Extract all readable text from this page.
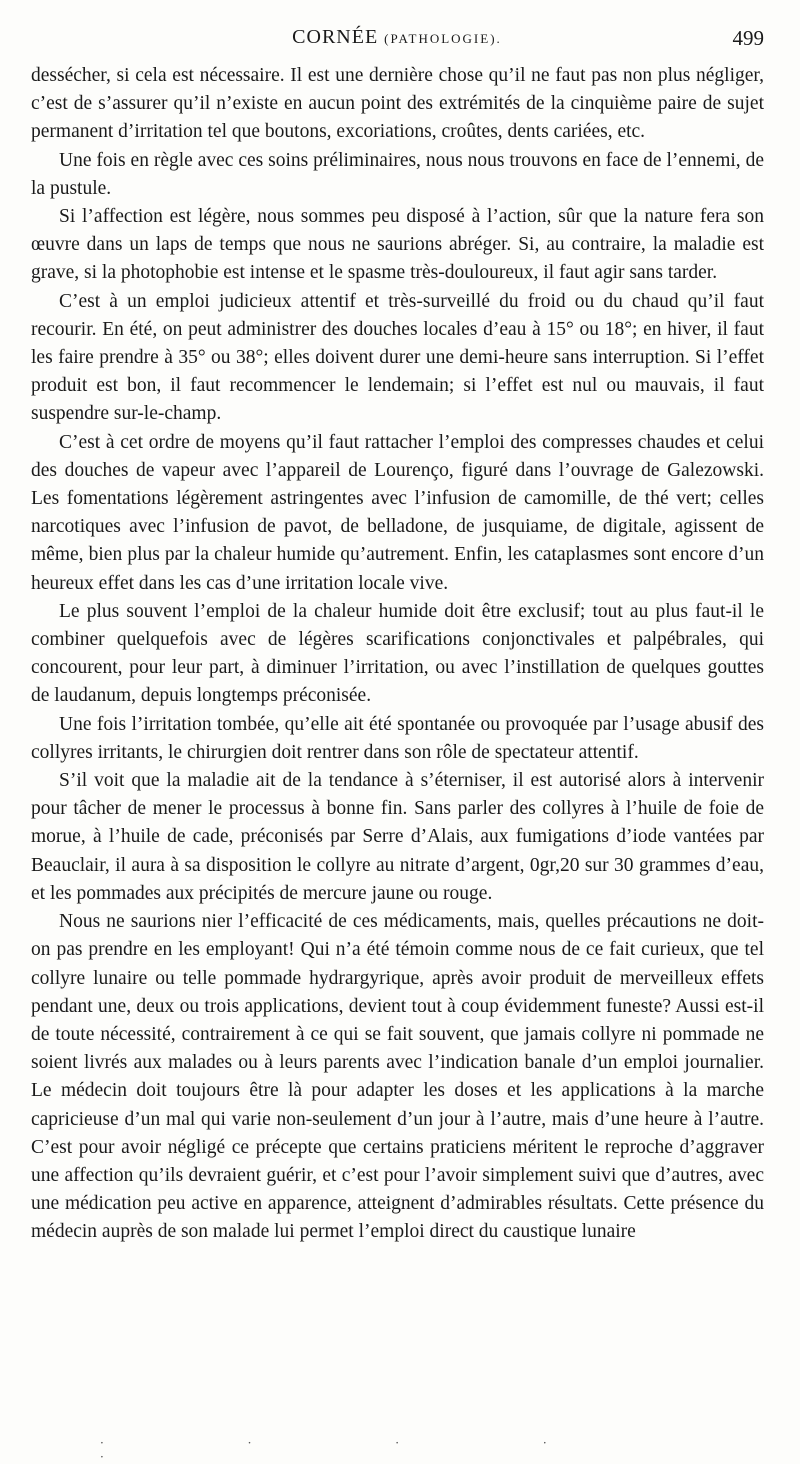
CORNÉE (PATHOLOGIE).	499

dessécher, si cela est nécessaire. Il est une dernière chose qu’il ne faut pas non plus négliger, c’est de s’assurer qu’il n’existe en aucun point des extrémités de la cinquième paire de sujet permanent d’irritation tel que boutons, excoriations, croûtes, dents cariées, etc.

Une fois en règle avec ces soins préliminaires, nous nous trouvons en face de l’ennemi, de la pustule.

Si l’affection est légère, nous sommes peu disposé à l’action, sûr que la nature fera son œuvre dans un laps de temps que nous ne saurions abréger. Si, au contraire, la maladie est grave, si la photophobie est intense et le spasme très-douloureux, il faut agir sans tarder.

C’est à un emploi judicieux attentif et très-surveillé du froid ou du chaud qu’il faut recourir. En été, on peut administrer des douches locales d’eau à 15° ou 18°; en hiver, il faut les faire prendre à 35° ou 38°; elles doivent durer une demi-heure sans interruption. Si l’effet produit est bon, il faut recommencer le lendemain; si l’effet est nul ou mauvais, il faut suspendre sur-le-champ.

C’est à cet ordre de moyens qu’il faut rattacher l’emploi des compresses chaudes et celui des douches de vapeur avec l’appareil de Lourenço, figuré dans l’ouvrage de Galezowski. Les fomentations légèrement astringentes avec l’infusion de camomille, de thé vert; celles narcotiques avec l’infusion de pavot, de belladone, de jusquiame, de digitale, agissent de même, bien plus par la chaleur humide qu’autrement. Enfin, les cataplasmes sont encore d’un heureux effet dans les cas d’une irritation locale vive.

Le plus souvent l’emploi de la chaleur humide doit être exclusif; tout au plus faut-il le combiner quelquefois avec de légères scarifications conjonctivales et palpébrales, qui concourent, pour leur part, à diminuer l’irritation, ou avec l’instillation de quelques gouttes de laudanum, depuis longtemps préconisée.

Une fois l’irritation tombée, qu’elle ait été spontanée ou provoquée par l’usage abusif des collyres irritants, le chirurgien doit rentrer dans son rôle de spectateur attentif.

S’il voit que la maladie ait de la tendance à s’éterniser, il est autorisé alors à intervenir pour tâcher de mener le processus à bonne fin. Sans parler des collyres à l’huile de foie de morue, à l’huile de cade, préconisés par Serre d’Alais, aux fumigations d’iode vantées par Beauclair, il aura à sa disposition le collyre au nitrate d’argent, 0gr,20 sur 30 grammes d’eau, et les pommades aux précipités de mercure jaune ou rouge.

Nous ne saurions nier l’efficacité de ces médicaments, mais, quelles précautions ne doit-on pas prendre en les employant! Qui n’a été témoin comme nous de ce fait curieux, que tel collyre lunaire ou telle pommade hydrargyrique, après avoir produit de merveilleux effets pendant une, deux ou trois applications, devient tout à coup évidemment funeste? Aussi est-il de toute nécessité, contrairement à ce qui se fait souvent, que jamais collyre ni pommade ne soient livrés aux malades ou à leurs parents avec l’indication banale d’un emploi journalier. Le médecin doit toujours être là pour adapter les doses et les applications à la marche capricieuse d’un mal qui varie non-seulement d’un jour à l’autre, mais d’une heure à l’autre. C’est pour avoir négligé ce précepte que certains praticiens méritent le reproche d’aggraver une affection qu’ils devraient guérir, et c’est pour l’avoir simplement suivi que d’autres, avec une médication peu active en apparence, atteignent d’admirables résultats. Cette présence du médecin auprès de son malade lui permet l’emploi direct du caustique lunaire

· · · · ·
